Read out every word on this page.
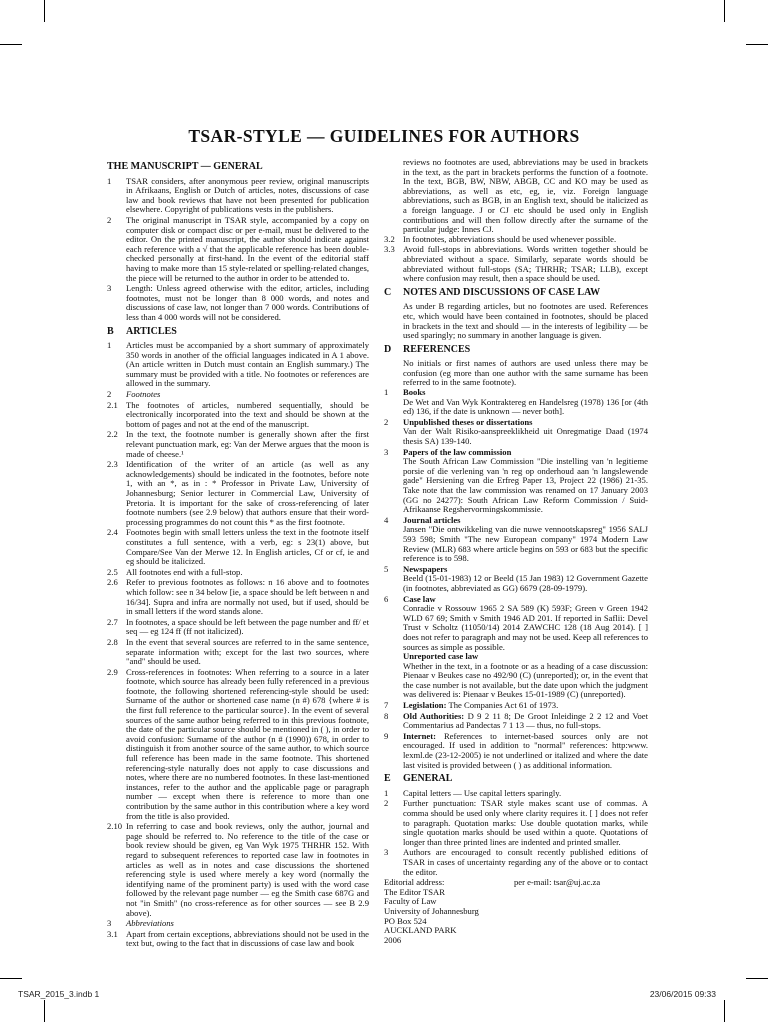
TSAR-STYLE — GUIDELINES FOR AUTHORS
THE MANUSCRIPT — GENERAL
1	TSAR considers, after anonymous peer review, original manuscripts in Afrikaans, English or Dutch of articles, notes, discussions of case law and book reviews that have not been presented for publication elsewhere. Copyright of publications vests in the publishers.
2	The original manuscript in TSAR style, accompanied by a copy on computer disk or compact disc or per e-mail, must be delivered to the editor. On the printed manuscript, the author should indicate against each reference with a √ that the applicable reference has been double-checked personally at first-hand. In the event of the editorial staff having to make more than 15 style-related or spelling-related changes, the piece will be returned to the author in order to be attended to.
3	Length: Unless agreed otherwise with the editor, articles, including footnotes, must not be longer than 8 000 words, and notes and discussions of case law, not longer than 7 000 words. Contributions of less than 4 000 words will not be considered.
B	ARTICLES
1	Articles must be accompanied by a short summary of approximately 350 words in another of the official languages indicated in A 1 above. (An article written in Dutch must contain an English summary.) The summary must be provided with a title. No footnotes or references are allowed in the summary.
2	Footnotes
2.1 The footnotes of articles, numbered sequentially, should be electronically incorporated into the text and should be shown at the bottom of pages and not at the end of the manuscript.
2.2 In the text, the footnote number is generally shown after the first relevant punctuation mark, eg: Van der Merwe argues that the moon is made of cheese.¹
2.3 Identification of the writer of an article (as well as any acknowledgements) should be indicated in the footnotes, before note 1, with an *, as in : * Professor in Private Law, University of Johannesburg; Senior lecturer in Commercial Law, University of Pretoria. It is important for the sake of cross-referencing of later footnote numbers (see 2.9 below) that authors ensure that their word-processing programmes do not count this * as the first footnote.
2.4 Footnotes begin with small letters unless the text in the footnote itself constitutes a full sentence, with a verb, eg: s 23(1) above, but Compare/See Van der Merwe 12. In English articles, Cf or cf, ie and eg should be italicized.
2.5 All footnotes end with a full-stop.
2.6 Refer to previous footnotes as follows: n 16 above and to footnotes which follow: see n 34 below [ie, a space should be left between n and 16/34]. Supra and infra are normally not used, but if used, should be in small letters if the word stands alone.
2.7 In footnotes, a space should be left between the page number and ff/ et seq — eg 124 ff (ff not italicized).
2.8 In the event that several sources are referred to in the same sentence, separate information with; except for the last two sources, where "and" should be used.
2.9 Cross-references in footnotes: When referring to a source in a later footnote, which source has already been fully referenced in a previous footnote, the following shortened referencing-style should be used: Surname of the author or shortened case name (n #) 678 {where # is the first full reference to the particular source}. In the event of several sources of the same author being referred to in this previous footnote, the date of the particular source should be mentioned in ( ), in order to avoid confusion: Surname of the author (n # (1990)) 678, in order to distinguish it from another source of the same author, to which source full reference has been made in the same footnote. This shortened referencing-style naturally does not apply to case discussions and notes, where there are no numbered footnotes. In these last-mentioned instances, refer to the author and the applicable page or paragraph number — except when there is reference to more than one contribution by the same author in this contribution where a key word from the title is also provided.
2.10 In referring to case and book reviews, only the author, journal and page should be referred to. No reference to the title of the case or book review should be given, eg Van Wyk 1975 THRHR 152. With regard to subsequent references to reported case law in footnotes in articles as well as in notes and case discussions the shortened referencing style is used where merely a key word (normally the identifying name of the prominent party) is used with the word case followed by the relevant page number — eg the Smith case 687G and not "in Smith" (no cross-reference as for other sources — see B 2.9 above).
3	Abbreviations
3.1 Apart from certain exceptions, abbreviations should not be used in the text but, owing to the fact that in discussions of case law and book
reviews no footnotes are used, abbreviations may be used in brackets in the text, as the part in brackets performs the function of a footnote. In the text, BGB, BW, NBW, ABGB, CC and KO may be used as abbreviations, as well as etc, eg, ie, viz. Foreign language abbreviations, such as BGB, in an English text, should be italicized as a foreign language. J or CJ etc should be used only in English contributions and will then follow directly after the surname of the particular judge: Innes CJ.
3.2 In footnotes, abbreviations should be used whenever possible.
3.3 Avoid full-stops in abbreviations. Words written together should be abbreviated without a space. Similarly, separate words should be abbreviated without full-stops (SA; THRHR; TSAR; LLB), except where confusion may result, then a space should be used.
C	NOTES AND DISCUSSIONS OF CASE LAW
As under B regarding articles, but no footnotes are used. References etc, which would have been contained in footnotes, should be placed in brackets in the text and should — in the interests of legibility — be used sparingly; no summary in another language is given.
D	REFERENCES
No initials or first names of authors are used unless there may be confusion (eg more than one author with the same surname has been referred to in the same footnote).
1	Books
De Wet and Van Wyk Kontraktereg en Handelsreg (1978) 136 [or (4th ed) 136, if the date is unknown — never both].
2	Unpublished theses or dissertations
Van der Walt Risiko-aanspreeklikheid uit Onregmatige Daad (1974 thesis SA) 139-140.
3	Papers of the law commission
The South African Law Commission "Die instelling van 'n legitieme porsie of die verlening van 'n reg op onderhoud aan 'n langslewende gade" Hersiening van die Erfreg Paper 13, Project 22 (1986) 21-35. Take note that the law commission was renamed on 17 January 2003 (GG no 24277): South African Law Reform Commission / Suid-Afrikaanse Regshervormingskommissie.
4	Journal articles
Jansen "Die ontwikkeling van die nuwe vennootskapsreg" 1956 SALJ 593 598; Smith "The new European company" 1974 Modern Law Review (MLR) 683 where article begins on 593 or 683 but the specific reference is to 598.
5	Newspapers
Beeld (15-01-1983) 12 or Beeld (15 Jan 1983) 12 Government Gazette (in footnotes, abbreviated as GG) 6679 (28-09-1979).
6	Case law
Conradie v Rossouw 1965 2 SA 589 (K) 593F; Green v Green 1942 WLD 67 69; Smith v Smith 1946 AD 201. If reported in Saflii: Devel Trust v Scholtz (11050/14) 2014 ZAWCHC 128 (18 Aug 2014). [ ] does not refer to paragraph and may not be used. Keep all references to sources as simple as possible.
Unreported case law
Whether in the text, in a footnote or as a heading of a case discussion: Pienaar v Beukes case no 492/90 (C) (unreported); or, in the event that the case number is not available, but the date upon which the judgment was delivered is: Pienaar v Beukes 15-01-1989 (C) (unreported).
7	Legislation: The Companies Act 61 of 1973.
8	Old Authorities: D 9 2 11 8; De Groot Inleidinge 2 2 12 and Voet Commentarius ad Pandectas 7 1 13 — thus, no full-stops.
9	Internet: References to internet-based sources only are not encouraged. If used in addition to "normal" references: http:www. lexml.de (23-12-2005) ie not underlined or italized and where the date last visited is provided between ( ) as additional information.
E	GENERAL
1	Capital letters — Use capital letters sparingly.
2	Further punctuation: TSAR style makes scant use of commas. A comma should be used only where clarity requires it. [ ] does not refer to paragraph. Quotation marks: Use double quotation marks, while single quotation marks should be used within a quote. Quotations of longer than three printed lines are indented and printed smaller.
3	Authors are encouraged to consult recently published editions of TSAR in cases of uncertainty regarding any of the above or to contact the editor.
Editorial address:	per e-mail: tsar@uj.ac.za
The Editor TSAR
Faculty of Law
University of Johannesburg
PO Box 524
AUCKLAND PARK
2006
TSAR_2015_3.indb 1	23/06/2015 09:33
